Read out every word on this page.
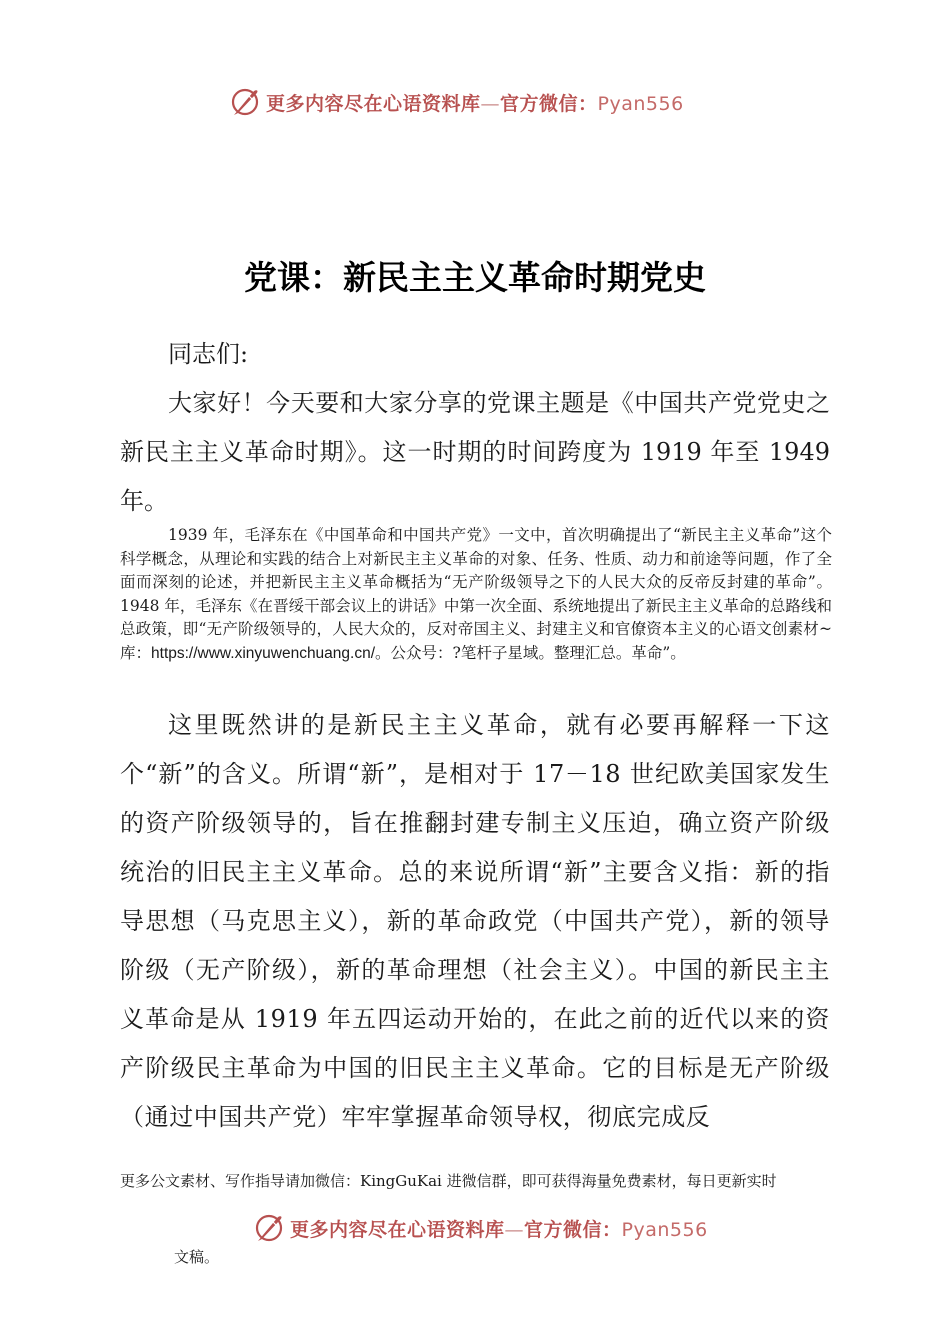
更多内容尽在心语资料库—官方微信：Pyan556
党课：新民主主义革命时期党史
同志们:
大家好！今天要和大家分享的党课主题是《中国共产党党史之新民主主义革命时期》。这一时期的时间跨度为 1919 年至 1949 年。
1939 年，毛泽东在《中国革命和中国共产党》一文中，首次明确提出了“新民主主义革命”这个科学概念，从理论和实践的结合上对新民主主义革命的对象、任务、性质、动力和前途等问题，作了全面而深刻的论述，并把新民主主义革命概括为“无产阶级领导之下的人民大众的反帝反封建的革命”。1948 年，毛泽东《在晋绥干部会议上的讲话》中第一次全面、系统地提出了新民主主义革命的总路线和总政策，即“无产阶级领导的，人民大众的，反对帝国主义、封建主义和官僚资本主义的心语文创素材~库：https://www.xinyuwenchuang.cn/。公众号：?笔杆子星域。整理汇总。革命”。
这里既然讲的是新民主主义革命，就有必要再解释一下这个“新”的含义。所谓“新”，是相对于 17－18 世纪欧美国家发生的资产阶级领导的，旨在推翻封建专制主义压迫，确立资产阶级统治的旧民主主义革命。总的来说所谓“新”主要含义指：新的指导思想（马克思主义），新的革命政党（中国共产党），新的领导阶级（无产阶级），新的革命理想（社会主义）。中国的新民主主义革命是从 1919 年五四运动开始的，在此之前的近代以来的资产阶级民主革命为中国的旧民主主义革命。它的目标是无产阶级（通过中国共产党）牢牢掌握革命领导权，彻底完成反
更多公文素材、写作指导请加微信：KingGuKai 进微信群，即可获得海量免费素材，每日更新实时
更多内容尽在心语资料库—官方微信：Pyan556
文稿。
